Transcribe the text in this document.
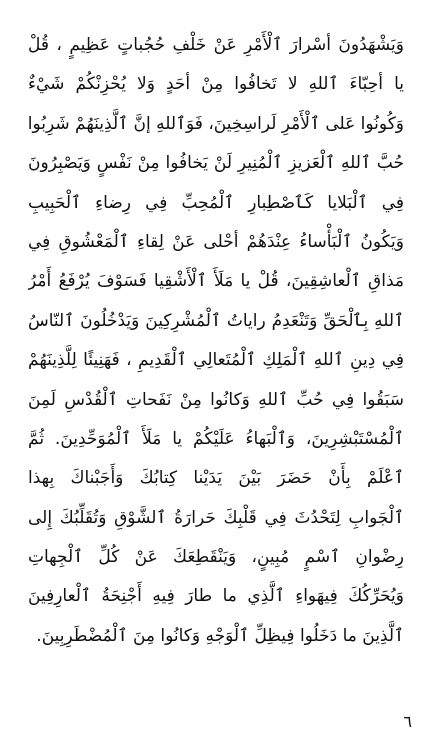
وَيَشْهَدُونَ أسْرارَ ٱلْأَمْرِ عَنْ خَلْفِ حُجُباتٍ عَظِيمٍ ، قُلْ
يا أحِبّاءَ ٱللهِ لا تَخافُوا مِنْ أحَدٍ وَلا يُحْزِنْكُمْ شَيْءٌ
وَكُونُوا عَلى ٱلْأَمْرِ لَراسِخِينَ، فَوَٱللهِ إنَّ ٱلَّذِينَهُمْ شَرِبُوا
حُبَّ ٱللهِ ٱلْعَزيزِ ٱلْمُنِيرِ لَنْ يَخافُوا مِنْ نَفْسٍ وَيَصْبِرُونَ
فِي ٱلْبَلايا كَٱصْطِبارِ ٱلْمُحِبِّ فِي رِضاءِ ٱلْحَبِيبِ
وَيَكُونُ ٱلْبَأْساءُ عِنْدَهُمْ أحْلى عَنْ لِقاءِ ٱلْمَعْشُوقِ فِي
مَذاقِ ٱلْعاشِقِينَ، قُلْ يا مَلَأَ ٱلْأَشْقِيا فَسَوْفَ يُرْفَعُ أَمْرُ
ٱللهِ بِٱلْحَقِّ وَتَنْعَدِمُ راياتُ ٱلْمُشْرِكِينَ وَيَدْخُلُونَ ٱلنّاسُ
فِي دِينِ ٱللهِ ٱلْمَلِكِ ٱلْمُتَعالِي ٱلْقَدِيمِ ، فَهَنِيئًا لِلَّذِينَهُمْ
سَبَقُوا فِي حُبِّ ٱللهِ وَكانُوا مِنْ نَفَحاتِ ٱلْقُدْسِ لَمِنَ
ٱلْمُسْتَبْشِرِينَ، وَٱلْبَهاءُ عَلَيْكُمْ يا مَلَأَ ٱلْمُوَحِّدِينَ. ثُمَّ
ٱعْلَمْ بِأَنْ حَضَرَ بَيْنَ يَدَيْنا كِتابُكَ وَأَجَبْناكَ بِهذا
ٱلْجَوابِ لِتَحْدُثَ فِي قَلْبِكَ حَرارَةُ ٱلشَّوْقِ وَتُقَلِّبُكَ إِلى
رِضْوانِ ٱسْمٍ مُبِينٍ، وَيَنْقَطِعَكَ عَنْ كُلِّ ٱلْجِهاتِ
وَيُحَرِّكُكَ فِيهَواءِ ٱلَّذِي ما طارَ فِيهِ أَجْنِحَةُ ٱلْعارِفِينَ
ٱلَّذِينَ ما دَخَلُوا فِيظِلِّ ٱلْوَجْهِ وَكانُوا مِنَ ٱلْمُضْطَرِبِينَ.
٦
